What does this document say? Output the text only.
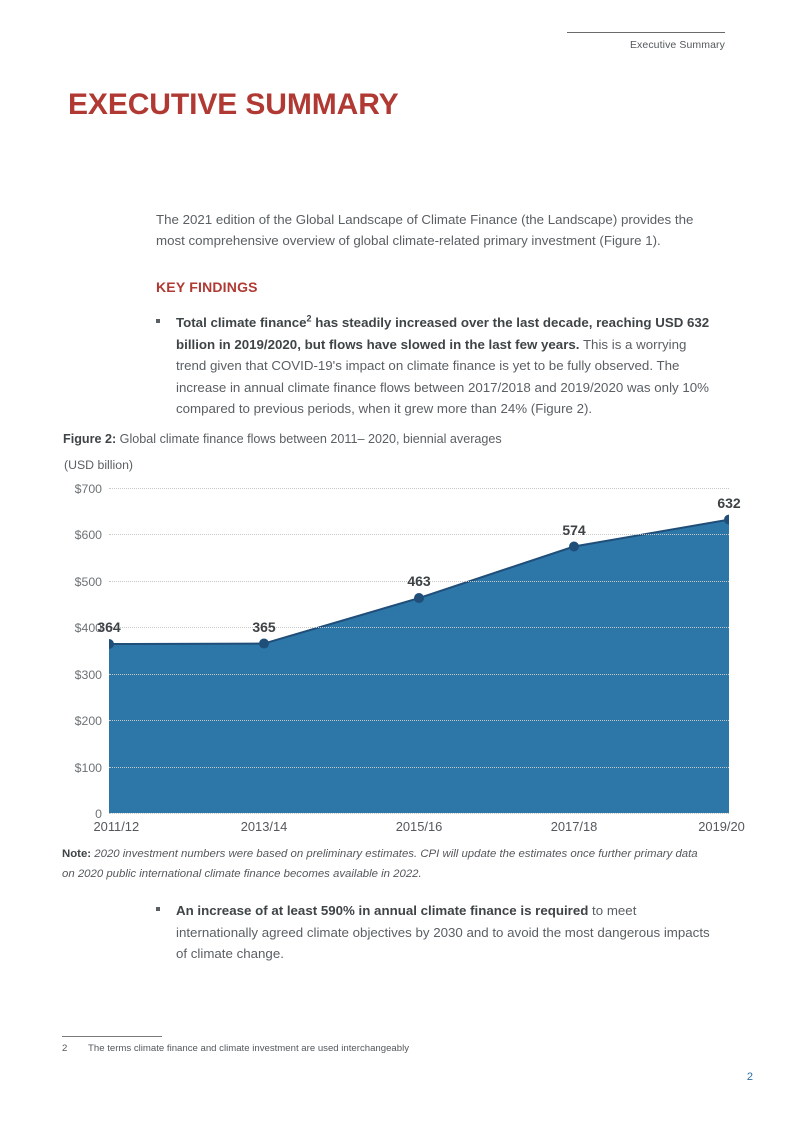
Executive Summary
EXECUTIVE SUMMARY
The 2021 edition of the Global Landscape of Climate Finance (the Landscape) provides the most comprehensive overview of global climate-related primary investment (Figure 1).
KEY FINDINGS
Total climate finance$^2$ has steadily increased over the last decade, reaching USD 632 billion in 2019/2020, but flows have slowed in the last few years. This is a worrying trend given that COVID-19's impact on climate finance is yet to be fully observed. The increase in annual climate finance flows between 2017/2018 and 2019/2020 was only 10% compared to previous periods, when it grew more than 24% (Figure 2).
Figure 2: Global climate finance flows between 2011– 2020, biennial averages
(USD billion)
0
$100
$200
$300
$400
$500
$600
$700
2011/12	2013/14	2015/16	2017/18	2019/20
364	365
463
574
632
Note: 2020 investment numbers were based on preliminary estimates. CPI will update the estimates once further primary data on 2020 public international climate finance becomes available in 2022.
An increase of at least 590% in annual climate finance is required to meet internationally agreed climate objectives by 2030 and to avoid the most dangerous impacts of climate change.
2	The terms climate finance and climate investment are used interchangeably
2
